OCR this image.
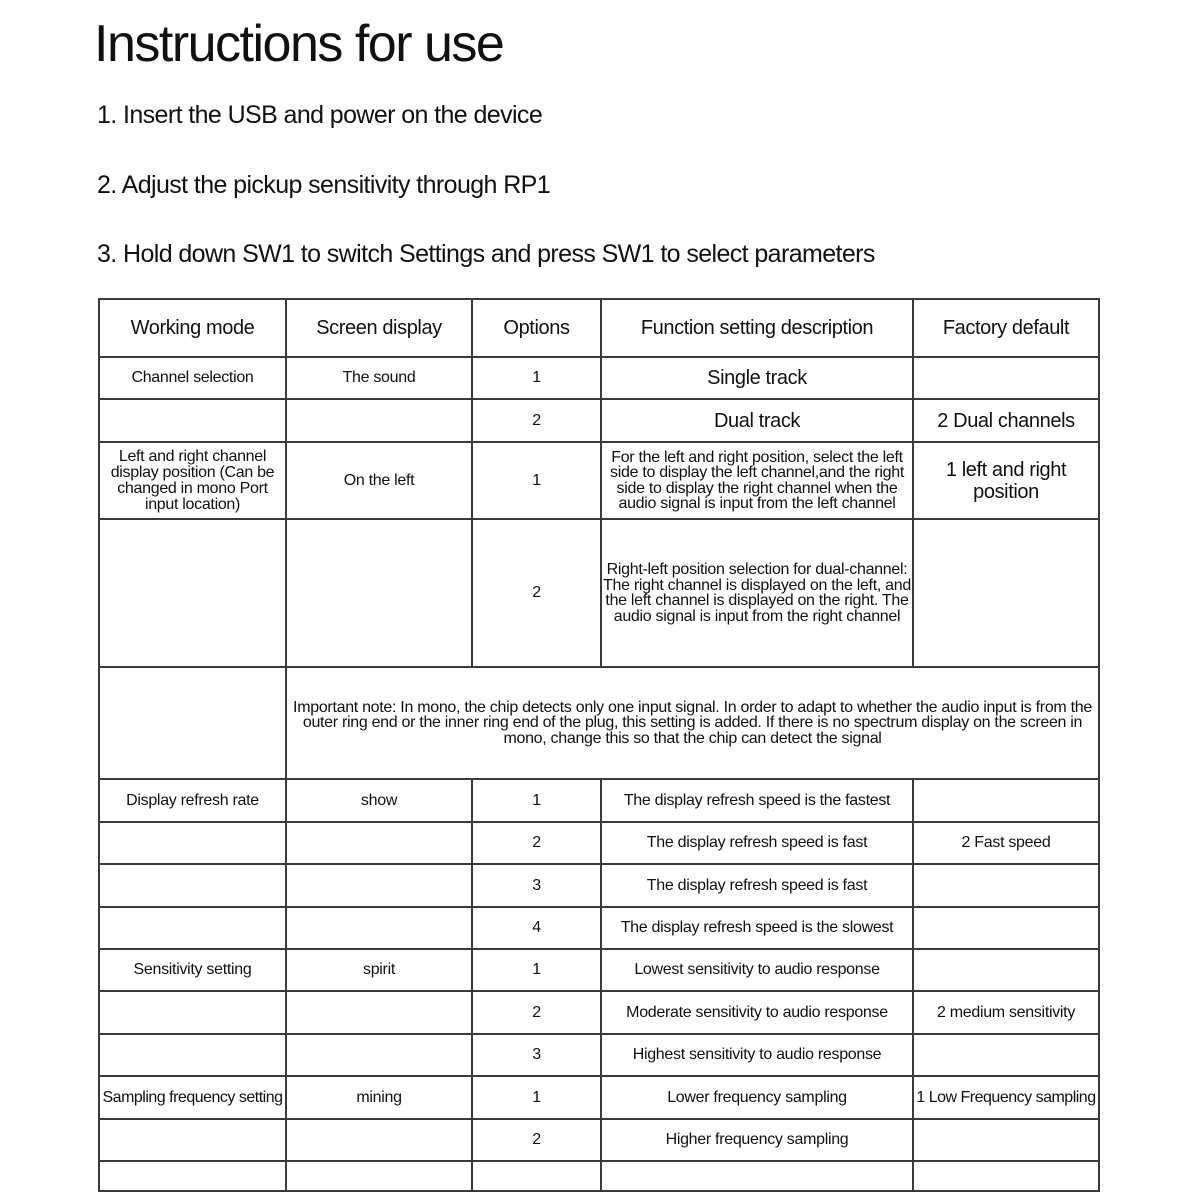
Instructions for use
1. Insert the USB and power on the device
2. Adjust the pickup sensitivity through RP1
3. Hold down SW1 to switch Settings and press SW1 to select parameters
Working mode	Screen display	Options	Function setting description	Factory default
Channel selection	The sound	1	Single track	
		2	Dual track	2 Dual channels
Left and right channel display position (Can be changed in mono Port input location)	On the left	1	For the left and right position, select the left side to display the left channel,and the right side to display the right channel when the audio signal is input from the left channel	1 left and right position
		2	Right-left position selection for dual-channel: The right channel is displayed on the left, and the left channel is displayed on the right. The audio signal is input from the right channel	
	Important note: In mono, the chip detects only one input signal. In order to adapt to whether the audio input is from the outer ring end or the inner ring end of the plug, this setting is added. If there is no spectrum display on the screen in mono, change this so that the chip can detect the signal			
Display refresh rate	show	1	The display refresh speed is the fastest	
		2	The display refresh speed is fast	2 Fast speed
		3	The display refresh speed is fast	
		4	The display refresh speed is the slowest	
Sensitivity setting	spirit	1	Lowest sensitivity to audio response	
		2	Moderate sensitivity to audio response	2 medium sensitivity
		3	Highest sensitivity to audio response	
Sampling frequency setting	mining	1	Lower frequency sampling	1 Low Frequency sampling
		2	Higher frequency sampling	
